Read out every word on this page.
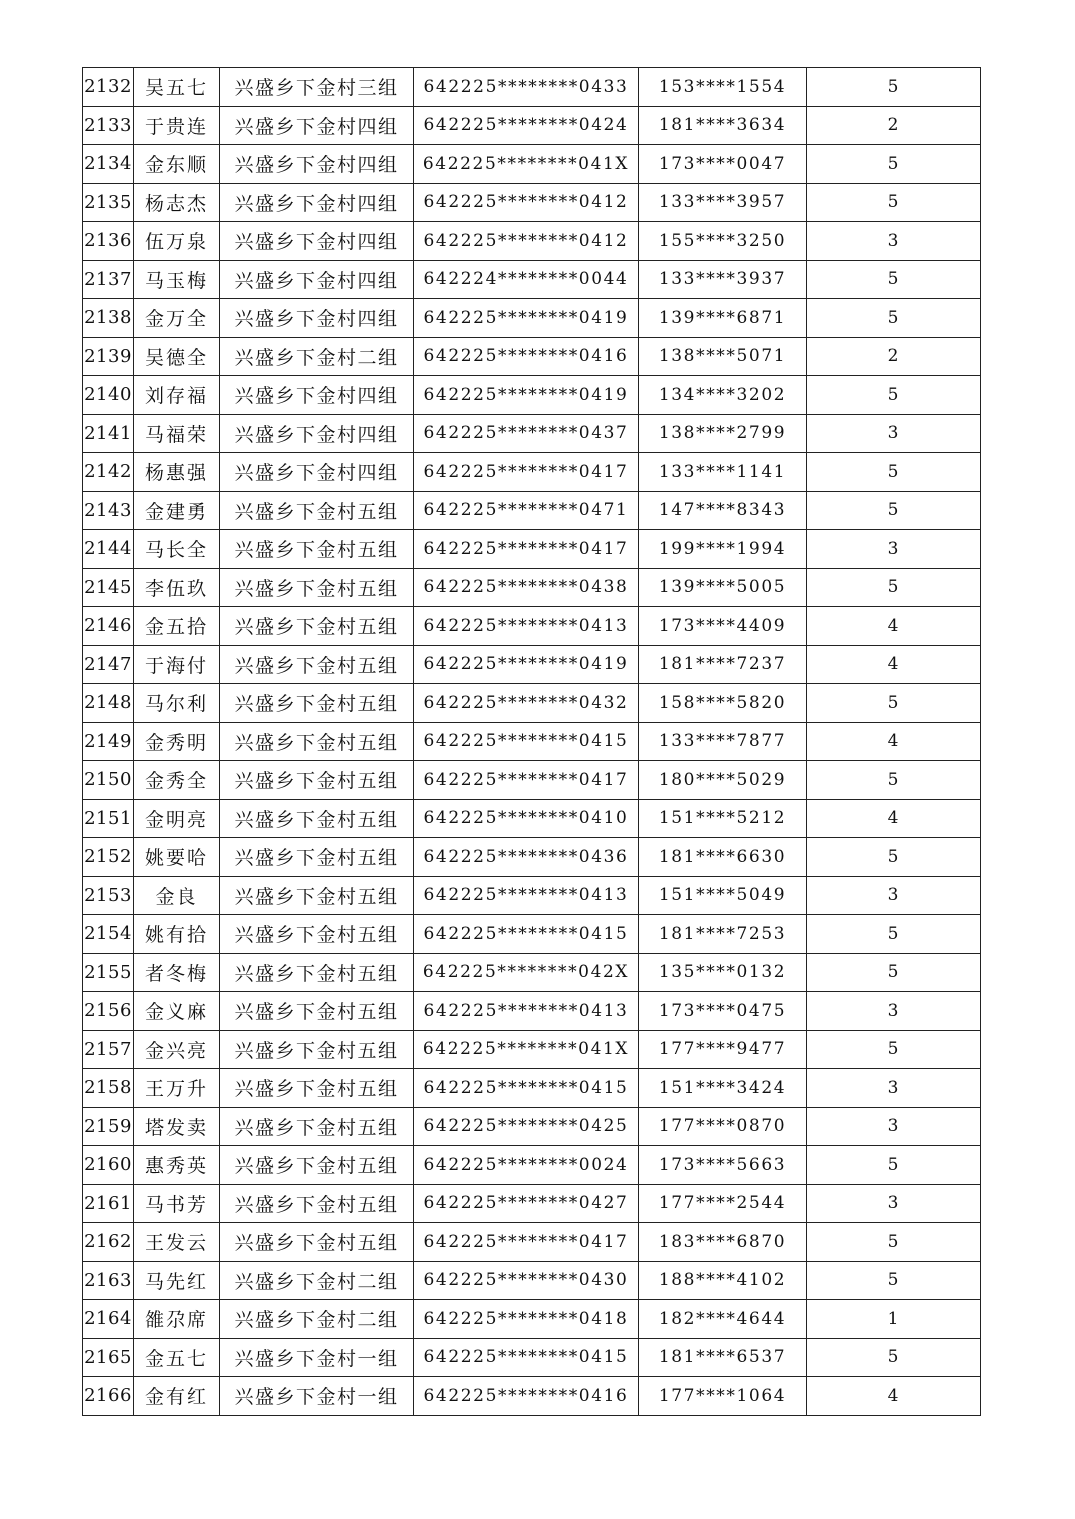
2132	吴五七	兴盛乡下金村三组	642225********0433	153****1554	5
2133	于贵连	兴盛乡下金村四组	642225********0424	181****3634	2
2134	金东顺	兴盛乡下金村四组	642225********041X	173****0047	5
2135	杨志杰	兴盛乡下金村四组	642225********0412	133****3957	5
2136	伍万泉	兴盛乡下金村四组	642225********0412	155****3250	3
2137	马玉梅	兴盛乡下金村四组	642224********0044	133****3937	5
2138	金万全	兴盛乡下金村四组	642225********0419	139****6871	5
2139	吴德全	兴盛乡下金村二组	642225********0416	138****5071	2
2140	刘存福	兴盛乡下金村四组	642225********0419	134****3202	5
2141	马福荣	兴盛乡下金村四组	642225********0437	138****2799	3
2142	杨惠强	兴盛乡下金村四组	642225********0417	133****1141	5
2143	金建勇	兴盛乡下金村五组	642225********0471	147****8343	5
2144	马长全	兴盛乡下金村五组	642225********0417	199****1994	3
2145	李伍玖	兴盛乡下金村五组	642225********0438	139****5005	5
2146	金五拾	兴盛乡下金村五组	642225********0413	173****4409	4
2147	于海付	兴盛乡下金村五组	642225********0419	181****7237	4
2148	马尔利	兴盛乡下金村五组	642225********0432	158****5820	5
2149	金秀明	兴盛乡下金村五组	642225********0415	133****7877	4
2150	金秀全	兴盛乡下金村五组	642225********0417	180****5029	5
2151	金明亮	兴盛乡下金村五组	642225********0410	151****5212	4
2152	姚要哈	兴盛乡下金村五组	642225********0436	181****6630	5
2153	金良	兴盛乡下金村五组	642225********0413	151****5049	3
2154	姚有拾	兴盛乡下金村五组	642225********0415	181****7253	5
2155	者冬梅	兴盛乡下金村五组	642225********042X	135****0132	5
2156	金义麻	兴盛乡下金村五组	642225********0413	173****0475	3
2157	金兴亮	兴盛乡下金村五组	642225********041X	177****9477	5
2158	王万升	兴盛乡下金村五组	642225********0415	151****3424	3
2159	塔发卖	兴盛乡下金村五组	642225********0425	177****0870	3
2160	惠秀英	兴盛乡下金村五组	642225********0024	173****5663	5
2161	马书芳	兴盛乡下金村五组	642225********0427	177****2544	3
2162	王发云	兴盛乡下金村五组	642225********0417	183****6870	5
2163	马先红	兴盛乡下金村二组	642225********0430	188****4102	5
2164	雒尕席	兴盛乡下金村二组	642225********0418	182****4644	1
2165	金五七	兴盛乡下金村一组	642225********0415	181****6537	5
2166	金有红	兴盛乡下金村一组	642225********0416	177****1064	4
